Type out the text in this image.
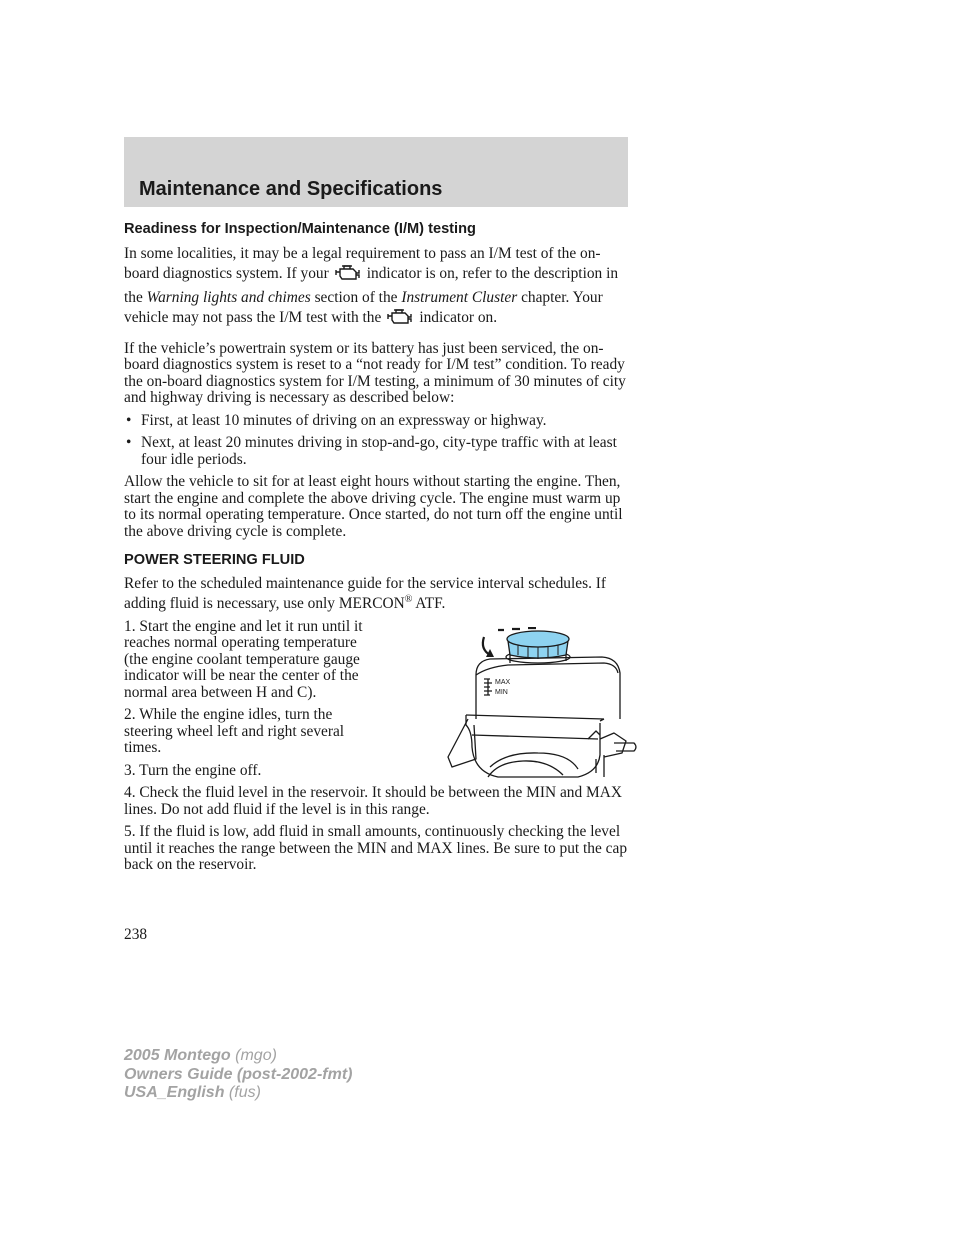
Maintenance and Specifications
Readiness for Inspection/Maintenance (I/M) testing

In some localities, it may be a legal requirement to pass an I/M test of the on-board diagnostics system. If your indicator is on, refer to the description in the Warning lights and chimes section of the Instrument Cluster chapter. Your vehicle may not pass the I/M test with the indicator on.

If the vehicle’s powertrain system or its battery has just been serviced, the on-board diagnostics system is reset to a “not ready for I/M test” condition. To ready the on-board diagnostics system for I/M testing, a minimum of 30 minutes of city and highway driving is necessary as described below:

• First, at least 10 minutes of driving on an expressway or highway.
• Next, at least 20 minutes driving in stop-and-go, city-type traffic with at least four idle periods.

Allow the vehicle to sit for at least eight hours without starting the engine. Then, start the engine and complete the above driving cycle. The engine must warm up to its normal operating temperature. Once started, do not turn off the engine until the above driving cycle is complete.

POWER STEERING FLUID

Refer to the scheduled maintenance guide for the service interval schedules. If adding fluid is necessary, use only MERCON® ATF.

MAX
MIN

1. Start the engine and let it run until it reaches normal operating temperature (the engine coolant temperature gauge indicator will be near the center of the normal area between H and C).

2. While the engine idles, turn the steering wheel left and right several times.

3. Turn the engine off.

4. Check the fluid level in the reservoir. It should be between the MIN and MAX lines. Do not add fluid if the level is in this range.

5. If the fluid is low, add fluid in small amounts, continuously checking the level until it reaches the range between the MIN and MAX lines. Be sure to put the cap back on the reservoir.

238
2005 Montego (mgo)
Owners Guide (post-2002-fmt)
USA_English (fus)
